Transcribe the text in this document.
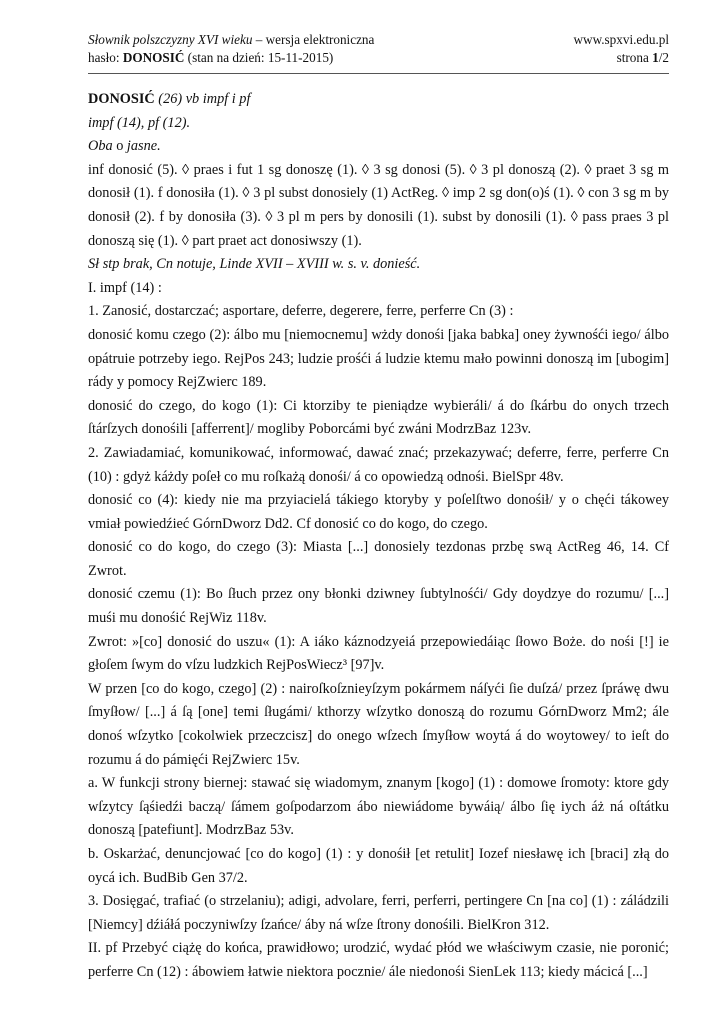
Słownik polszczyzny XVI wieku – wersja elektroniczna	www.spxvi.edu.pl
hasło: DONOSIĆ (stan na dzień: 15-11-2015)	strona 1/2

DONOSIĆ (26) vb impf i pf

impf (14), pf (12).

Oba o jasne.

inf donosić (5). ◊ praes i fut 1 sg donoszę (1). ◊ 3 sg donosi (5). ◊ 3 pl donoszą (2). ◊ praet 3 sg m donosił (1). f donosiła (1). ◊ 3 pl subst donosiely (1) ActReg. ◊ imp 2 sg don(o)ś (1). ◊ con 3 sg m by donosił (2). f by donosiła (3). ◊ 3 pl m pers by donosili (1). subst by donosili (1). ◊ pass praes 3 pl donoszą się (1). ◊ part praet act donosiwszy (1).

Sł stp brak, Cn notuje, Linde XVII – XVIII w. s. v. donieść.

I. impf (14) :

1. Zanosić, dostarczać; asportare, deferre, degerere, ferre, perferre Cn (3) :

donosić komu czego (2): álbo mu [niemocnemu] wżdy donośi [jaka babka] oney żywnośći iego/ álbo opátruie potrzeby iego. RejPos 243; ludzie prośći á ludzie ktemu mało powinni donoszą im [ubogim] rády y pomocy RejZwierc 189.

donosić do czego, do kogo (1): Ci ktorziby te pieniądze wybieráli/ á do ſkárbu do onych trzech ſtárſzych donośili [afferrent]/ mogliby Poborcámi być zwáni ModrzBaz 123v.

2. Zawiadamiać, komunikować, informować, dawać znać; przekazywać; deferre, ferre, perferre Cn (10) : gdyż káżdy poſeł co mu roſkażą donośi/ á co opowiedzą odnośi. BielSpr 48v.

donosić co (4): kiedy nie ma przyiacielá tákiego ktoryby y poſelſtwo donośił/ y o chęći tákowey vmiał powiedźieć GórnDworz Dd2. Cf donosić co do kogo, do czego.

donosić co do kogo, do czego (3): Miasta [...] donosiely tezdonas przbę swą ActReg 46, 14. Cf Zwrot.

donosić czemu (1): Bo ſłuch przez ony błonki dziwney ſubtylnośći/ Gdy doydzye do rozumu/ [...] muśi mu donośić RejWiz 118v.

Zwrot: »[co] donosić do uszu« (1): A iáko káznodzyeiá przepowiedáiąc ſłowo Boże. do nośi [!] ie głoſem ſwym do vſzu ludzkich RejPosWiecz³ [97]v.

W przen [co do kogo, czego] (2) : nairoſkoſznieyſzym pokármem náſyći ſie duſzá/ przez ſpráwę dwu ſmyſłow/ [...] á ſą [one] temi ſługámi/ kthorzy wſzytko donoszą do rozumu GórnDworz Mm2; ále donoś wſzytko [cokolwiek przeczcisz] do onego wſzech ſmyſłow woytá á do woytowey/ to ieſt do rozumu á do pámięći RejZwierc 15v.

a. W funkcji strony biernej: stawać się wiadomym, znanym [kogo] (1) : domowe ſromoty: ktore gdy wſzytcy ſąśiedźi baczą/ ſámem goſpodarzom ábo niewiádome bywáią/ álbo ſię iych áż ná oſtátku donoszą [patefiunt]. ModrzBaz 53v.

b. Oskarżać, denuncjować [co do kogo] (1) : y donośił [et retulit] Iozef niesławę ich [braci] złą do oycá ich. BudBib Gen 37/2.

3. Dosięgać, trafiać (o strzelaniu); adigi, advolare, ferri, perferri, pertingere Cn [na co] (1) : záládzili [Niemcy] dźiáłá poczyniwſzy ſzańce/ áby ná wſze ſtrony donośili. BielKron 312.

II. pf Przebyć ciążę do końca, prawidłowo; urodzić, wydać płód we właściwym czasie, nie poronić; perferre Cn (12) : ábowiem łatwie niektora pocznie/ ále niedonośi SienLek 113; kiedy mácicá [...]
